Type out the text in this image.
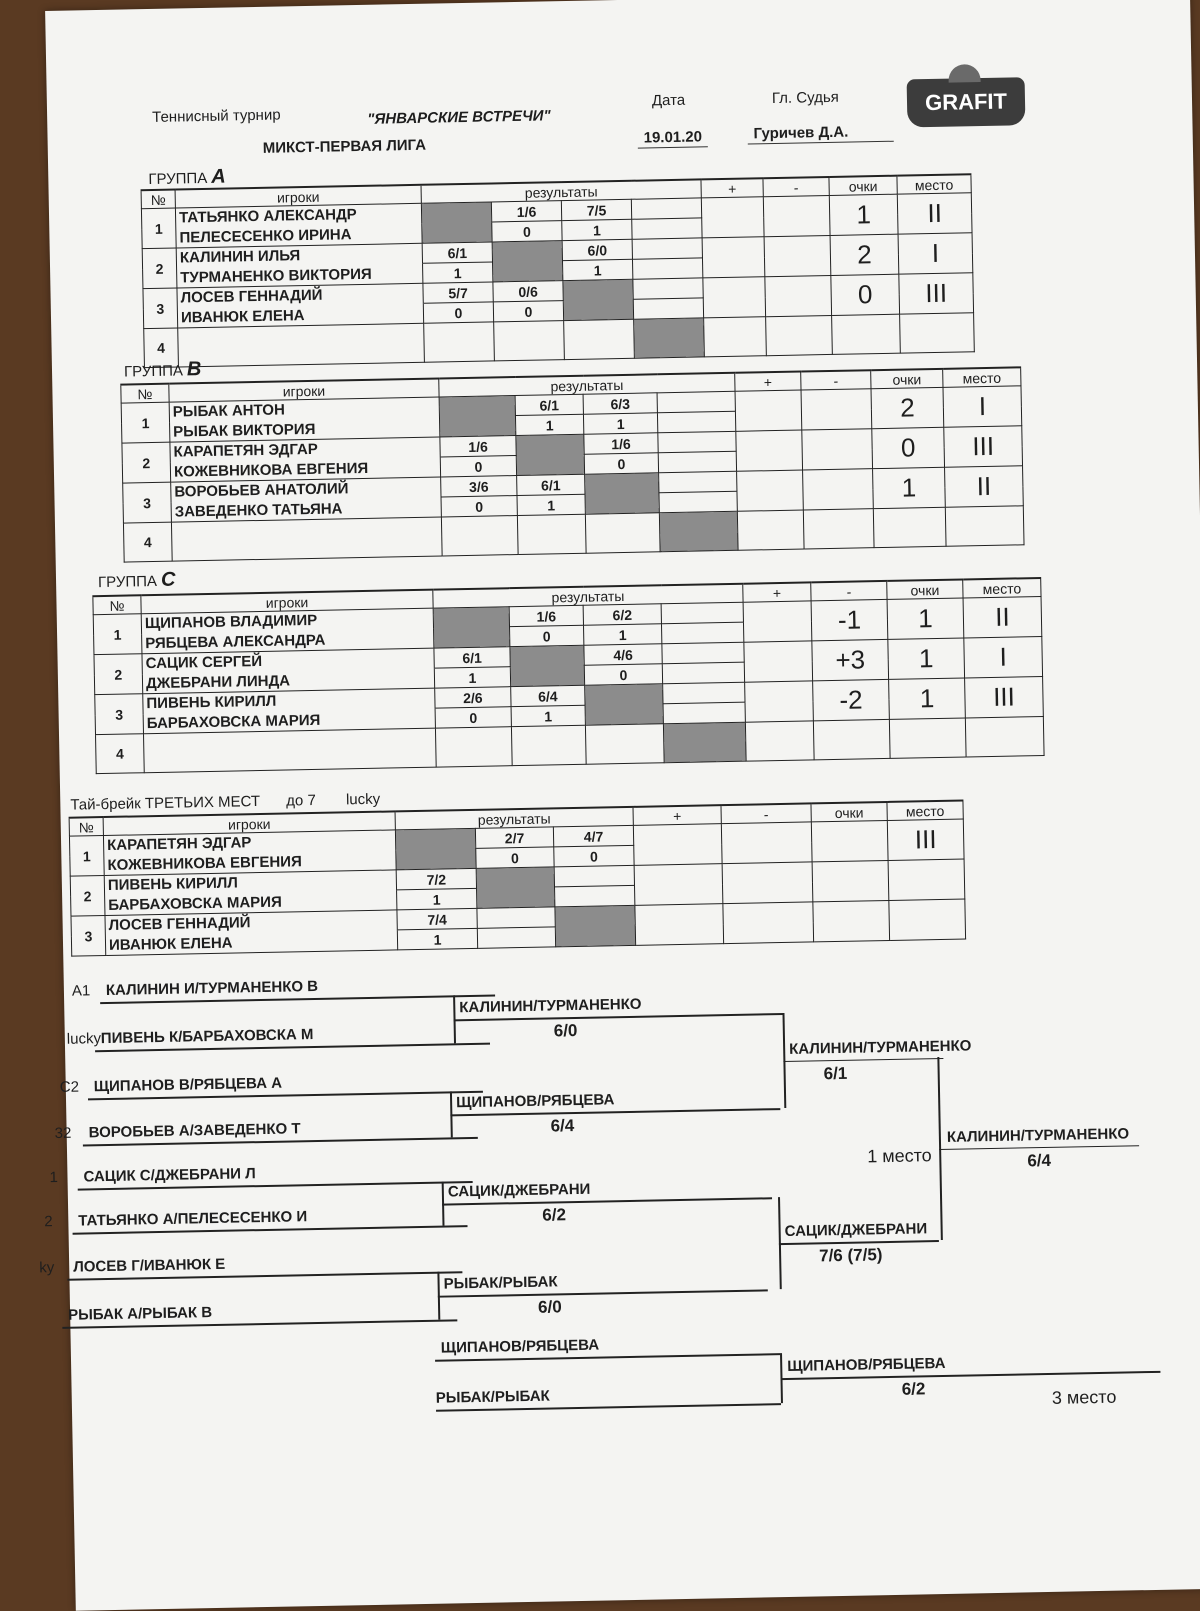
Теннисный турнир	"ЯНВАРСКИЕ ВСТРЕЧИ"
МИКСТ-ПЕРВАЯ ЛИГА
Дата
19.01.20
Гл. Судья
Гуричев Д.А.
GRAFIT
ГРУППА A
№	игроки	результаты				+	-	очки	место
1	ТАТЬЯНКО АЛЕКСАНДР		1/6	7/5				1	II
	ПЕЛЕСЕСЕНКО ИРИНА		0	1					
2	КАЛИНИН ИЛЬЯ	6/1		6/0				2	I
	ТУРМАНЕНКО ВИКТОРИЯ	1		1					
3	ЛОСЕВ ГЕННАДИЙ	5/7	0/6					0	III
	ИВАНЮК ЕЛЕНА	0	0						
4									
ГРУППА B
№	игроки	результаты				+	-	очки	место
1	РЫБАК АНТОН		6/1	6/3				2	I
	РЫБАК ВИКТОРИЯ		1	1					
2	КАРАПЕТЯН ЭДГАР	1/6		1/6				0	III
	КОЖЕВНИКОВА ЕВГЕНИЯ	0		0					
3	ВОРОБЬЕВ АНАТОЛИЙ	3/6	6/1					1	II
	ЗАВЕДЕНКО ТАТЬЯНА	0	1						
4									
ГРУППА C
№	игроки	результаты				+	-	очки	место
1	ЩИПАНОВ ВЛАДИМИР		1/6	6/2			-1	1	II
	РЯБЦЕВА АЛЕКСАНДРА		0	1					
2	САЦИК СЕРГЕЙ	6/1		4/6			+3	1	I
	ДЖЕБРАНИ ЛИНДА	1		0					
3	ПИВЕНЬ КИРИЛЛ	2/6	6/4				-2	1	III
	БАРБАХОВСКА МАРИЯ	0	1						
4									
Тай-брейк ТРЕТЬИХ МЕСТ до 7 lucky
№	игроки	результаты			+	-	очки	место
1	КАРАПЕТЯН ЭДГАР		2/7	4/7				III
	КОЖЕВНИКОВА ЕВГЕНИЯ		0	0				
2	ПИВЕНЬ КИРИЛЛ	7/2						
	БАРБАХОВСКА МАРИЯ	1						
3	ЛОСЕВ ГЕННАДИЙ	7/4						
	ИВАНЮК ЕЛЕНА	1						
A1 КАЛИНИН И/ТУРМАНЕНКО В
lucky ПИВЕНЬ К/БАРБАХОВСКА М
C2 ЩИПАНОВ В/РЯБЦЕВА А
32 ВОРОБЬЕВ А/ЗАВЕДЕНКО Т
1 САЦИК С/ДЖЕБРАНИ Л
2 ТАТЬЯНКО А/ПЕЛЕСЕСЕНКО И
ky ЛОСЕВ Г/ИВАНЮК Е
РЫБАК А/РЫБАК В
КАЛИНИН/ТУРМАНЕНКО
6/0
ЩИПАНОВ/РЯБЦЕВА
6/4
САЦИК/ДЖЕБРАНИ
6/2
РЫБАК/РЫБАК
6/0
КАЛИНИН/ТУРМАНЕНКО
6/1
САЦИК/ДЖЕБРАНИ
7/6 (7/5)
КАЛИНИН/ТУРМАНЕНКО
6/4
1 место
ЩИПАНОВ/РЯБЦЕВА
РЫБАК/РЫБАК
ЩИПАНОВ/РЯБЦЕВА
6/2	3 место
